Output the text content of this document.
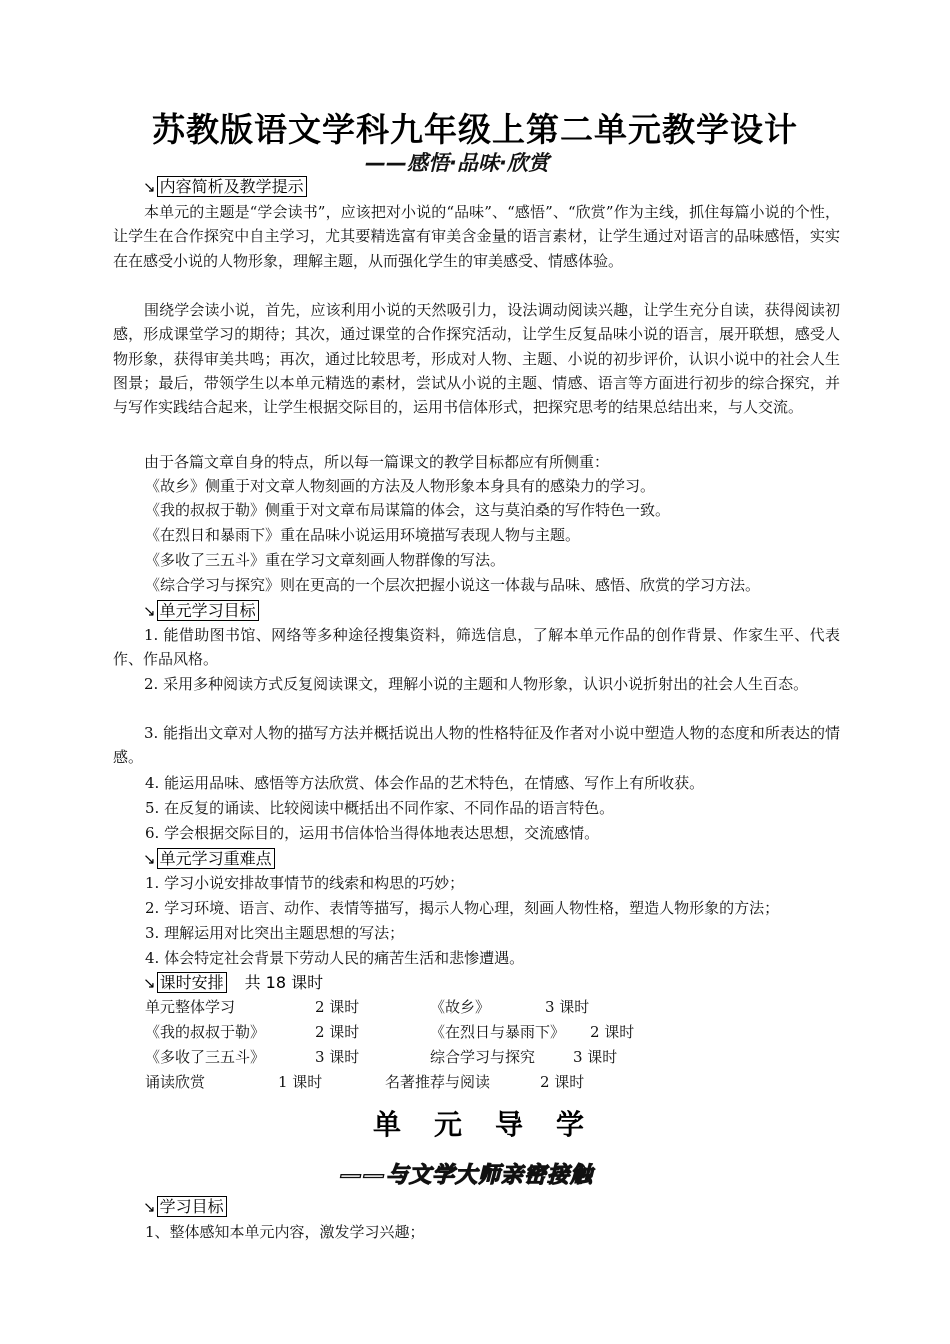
苏教版语文学科九年级上第二单元教学设计
——感悟·品味·欣赏
↘ 内容简析及教学提示

本单元的主题是“学会读书”，应该把对小说的“品味”、“感悟”、“欣赏”作为主线，抓住每篇小说的个性，让学生在合作探究中自主学习，尤其要精选富有审美含金量的语言素材，让学生通过对语言的品味感悟，实实在在感受小说的人物形象，理解主题，从而强化学生的审美感受、情感体验。

围绕学会读小说，首先，应该利用小说的天然吸引力，设法调动阅读兴趣，让学生充分自读，获得阅读初感，形成课堂学习的期待；其次，通过课堂的合作探究活动，让学生反复品味小说的语言，展开联想，感受人物形象，获得审美共鸣；再次，通过比较思考，形成对人物、主题、小说的初步评价，认识小说中的社会人生图景；最后，带领学生以本单元精选的素材，尝试从小说的主题、情感、语言等方面进行初步的综合探究，并与写作实践结合起来，让学生根据交际目的，运用书信体形式，把探究思考的结果总结出来，与人交流。

由于各篇文章自身的特点，所以每一篇课文的教学目标都应有所侧重：

《故乡》侧重于对文章人物刻画的方法及人物形象本身具有的感染力的学习。
《我的叔叔于勒》侧重于对文章布局谋篇的体会，这与莫泊桑的写作特色一致。
《在烈日和暴雨下》重在品味小说运用环境描写表现人物与主题。
《多收了三五斗》重在学习文章刻画人物群像的写法。
《综合学习与探究》则在更高的一个层次把握小说这一体裁与品味、感悟、欣赏的学习方法。
↘ 单元学习目标

1. 能借助图书馆、网络等多种途径搜集资料，筛选信息，了解本单元作品的创作背景、作家生平、代表作、作品风格。

2. 采用多种阅读方式反复阅读课文，理解小说的主题和人物形象，认识小说折射出的社会人生百态。

3. 能指出文章对人物的描写方法并概括说出人物的性格特征及作者对小说中塑造人物的态度和所表达的情感。

4. 能运用品味、感悟等方法欣赏、体会作品的艺术特色，在情感、写作上有所收获。
5. 在反复的诵读、比较阅读中概括出不同作家、不同作品的语言特色。
6. 学会根据交际目的，运用书信体恰当得体地表达思想，交流感情。
↘ 单元学习重难点
1. 学习小说安排故事情节的线索和构思的巧妙；
2. 学习环境、语言、动作、表情等描写，揭示人物心理，刻画人物性格，塑造人物形象的方法；
3. 理解运用对比突出主题思想的写法；
4. 体会特定社会背景下劳动人民的痛苦生活和悲惨遭遇。
↘ 课时安排 共 18 课时
单元整体学习	2 课时	《故乡》	3 课时
《我的叔叔于勒》	2 课时	《在烈日与暴雨下》 2 课时
《多收了三五斗》	3 课时	综合学习与探究	3 课时
诵读欣赏	1 课时	名著推荐与阅读	2 课时
单元导学
——与文学大师亲密接触
↘ 学习目标
1、整体感知本单元内容，激发学习兴趣；
